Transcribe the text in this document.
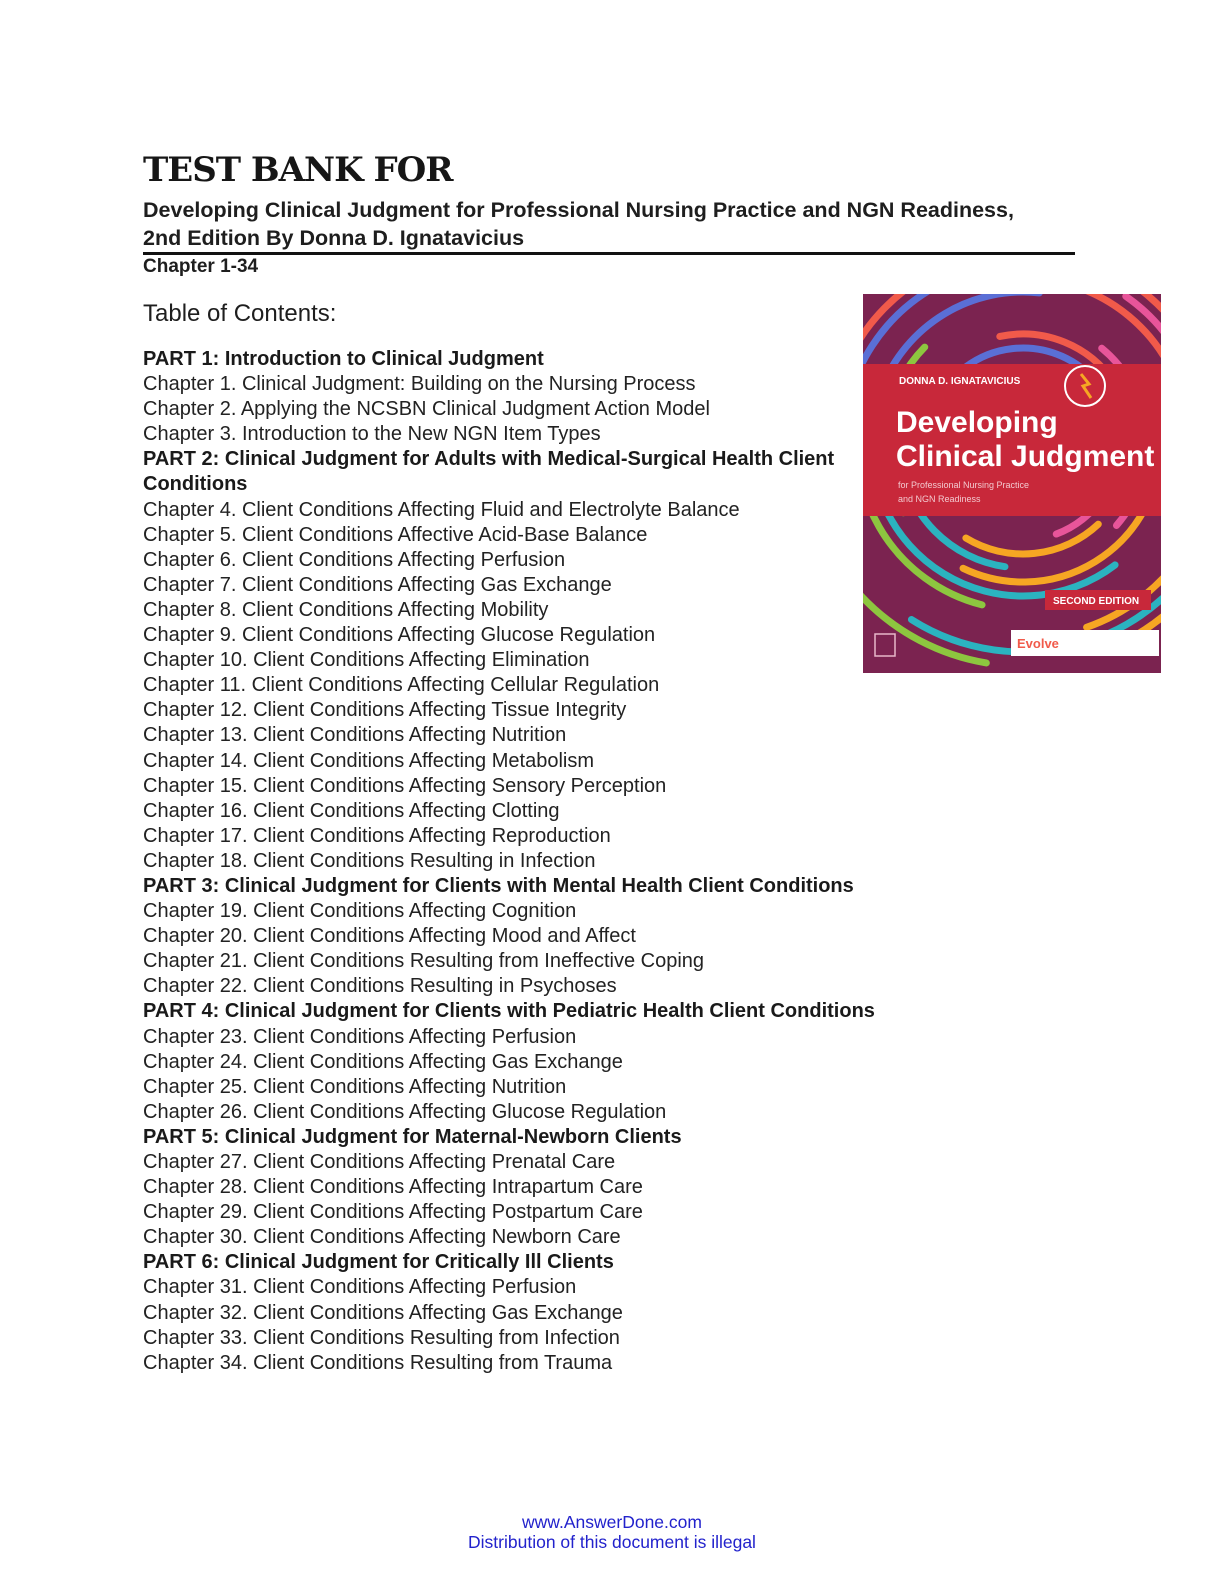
TEST BANK FOR
Developing Clinical Judgment for Professional Nursing Practice and NGN Readiness, 2nd Edition By Donna D. Ignatavicius
Chapter 1-34
Table of Contents:
PART 1: Introduction to Clinical Judgment
Chapter 1. Clinical Judgment: Building on the Nursing Process
Chapter 2. Applying the NCSBN Clinical Judgment Action Model
Chapter 3. Introduction to the New NGN Item Types
PART 2: Clinical Judgment for Adults with Medical-Surgical Health Client Conditions
Chapter 4. Client Conditions Affecting Fluid and Electrolyte Balance
Chapter 5. Client Conditions Affective Acid-Base Balance
Chapter 6. Client Conditions Affecting Perfusion
Chapter 7. Client Conditions Affecting Gas Exchange
Chapter 8. Client Conditions Affecting Mobility
Chapter 9. Client Conditions Affecting Glucose Regulation
Chapter 10. Client Conditions Affecting Elimination
Chapter 11. Client Conditions Affecting Cellular Regulation
Chapter 12. Client Conditions Affecting Tissue Integrity
Chapter 13. Client Conditions Affecting Nutrition
Chapter 14. Client Conditions Affecting Metabolism
Chapter 15. Client Conditions Affecting Sensory Perception
Chapter 16. Client Conditions Affecting Clotting
Chapter 17. Client Conditions Affecting Reproduction
Chapter 18. Client Conditions Resulting in Infection
PART 3: Clinical Judgment for Clients with Mental Health Client Conditions
Chapter 19. Client Conditions Affecting Cognition
Chapter 20. Client Conditions Affecting Mood and Affect
Chapter 21. Client Conditions Resulting from Ineffective Coping
Chapter 22. Client Conditions Resulting in Psychoses
PART 4: Clinical Judgment for Clients with Pediatric Health Client Conditions
Chapter 23. Client Conditions Affecting Perfusion
Chapter 24. Client Conditions Affecting Gas Exchange
Chapter 25. Client Conditions Affecting Nutrition
Chapter 26. Client Conditions Affecting Glucose Regulation
PART 5: Clinical Judgment for Maternal-Newborn Clients
Chapter 27. Client Conditions Affecting Prenatal Care
Chapter 28. Client Conditions Affecting Intrapartum Care
Chapter 29. Client Conditions Affecting Postpartum Care
Chapter 30. Client Conditions Affecting Newborn Care
PART 6: Clinical Judgment for Critically Ill Clients
Chapter 31. Client Conditions Affecting Perfusion
Chapter 32. Client Conditions Affecting Gas Exchange
Chapter 33. Client Conditions Resulting from Infection
Chapter 34. Client Conditions Resulting from Trauma
DONNA D. IGNATAVICIUS
Developing
Clinical Judgment
for Professional Nursing Practice
and NGN Readiness
SECOND EDITION
Evolve
www.AnswerDone.com
Distribution of this document is illegal
